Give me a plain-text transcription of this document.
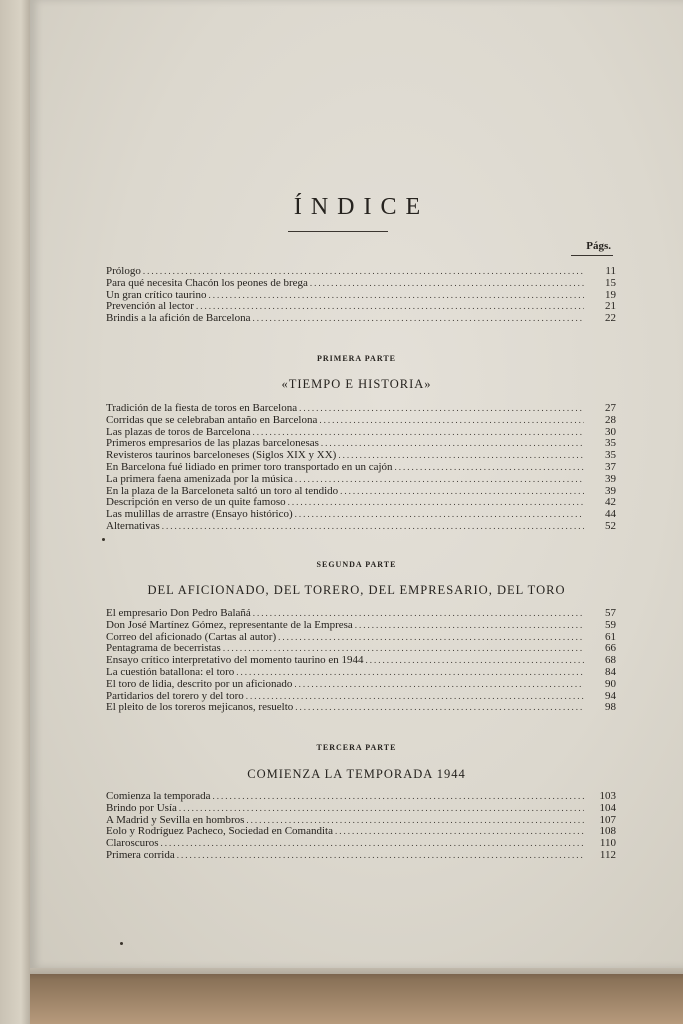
ÍNDICE
Págs.
Prólogo .....	11
Para qué necesita Chacón los peones de brega .....	15
Un gran crítico taurino .....	19
Prevención al lector .....	21
Brindis a la afición de Barcelona .....	22
PRIMERA PARTE
«TIEMPO E HISTORIA»
Tradición de la fiesta de toros en Barcelona .....	27
Corridas que se celebraban antaño en Barcelona .....	28
Las plazas de toros de Barcelona .....	30
Primeros empresarios de las plazas barcelonesas .....	35
Revisteros taurinos barceloneses (Siglos XIX y XX) .....	35
En Barcelona fué lidiado en primer toro transportado en un cajón .....	37
La primera faena amenizada por la música .....	39
En la plaza de la Barceloneta saltó un toro al tendido .....	39
Descripción en verso de un quite famoso .....	42
Las mulillas de arrastre (Ensayo histórico) .....	44
Alternativas .....	52
SEGUNDA PARTE
DEL AFICIONADO, DEL TORERO, DEL EMPRESARIO, DEL TORO
El empresario Don Pedro Balañá .....	57
Don José Martínez Gómez, representante de la Empresa .....	59
Correo del aficionado (Cartas al autor) .....	61
Pentagrama de becerristas .....	66
Ensayo crítico interpretativo del momento taurino en 1944 .....	68
La cuestión batallona: el toro .....	84
El toro de lidia, descrito por un aficionado .....	90
Partidarios del torero y del toro .....	94
El pleito de los toreros mejicanos, resuelto .....	98
TERCERA PARTE
COMIENZA LA TEMPORADA 1944
Comienza la temporada .....	103
Brindo por Usía .....	104
A Madrid y Sevilla en hombros .....	107
Eolo y Rodríguez Pacheco, Sociedad en Comandita .....	108
Claroscuros .....	110
Primera corrida .....	112
